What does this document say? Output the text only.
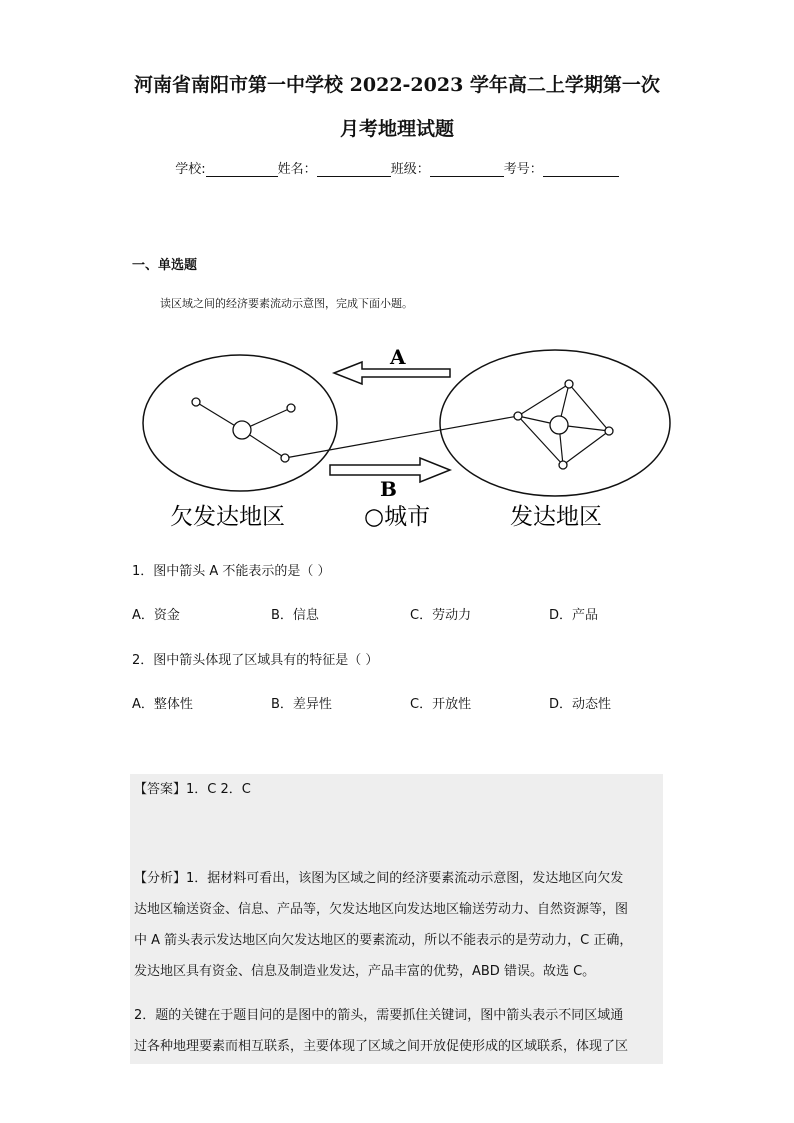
河南省南阳市第一中学校 2022-2023 学年高二上学期第一次
月考地理试题
学校:	姓名：	班级：	考号：
一、单选题
读区域之间的经济要素流动示意图，完成下面小题。
A
B
欠发达地区	○城市	发达地区
1．图中箭头 A 不能表示的是（ ）
A．资金	B．信息	C．劳动力	D．产品
2．图中箭头体现了区域具有的特征是（ ）
A．整体性	B．差异性	C．开放性	D．动态性

【答案】1．C 2．C

【分析】1．据材料可看出，该图为区域之间的经济要素流动示意图，发达地区向欠发

达地区输送资金、信息、产品等，欠发达地区向发达地区输送劳动力、自然资源等，图

中 A 箭头表示发达地区向欠发达地区的要素流动，所以不能表示的是劳动力，C 正确，

发达地区具有资金、信息及制造业发达，产品丰富的优势，ABD 错误。故选 C。

2．题的关键在于题目问的是图中的箭头，需要抓住关键词，图中箭头表示不同区域通

过各种地理要素而相互联系，主要体现了区域之间开放促使形成的区域联系，体现了区
